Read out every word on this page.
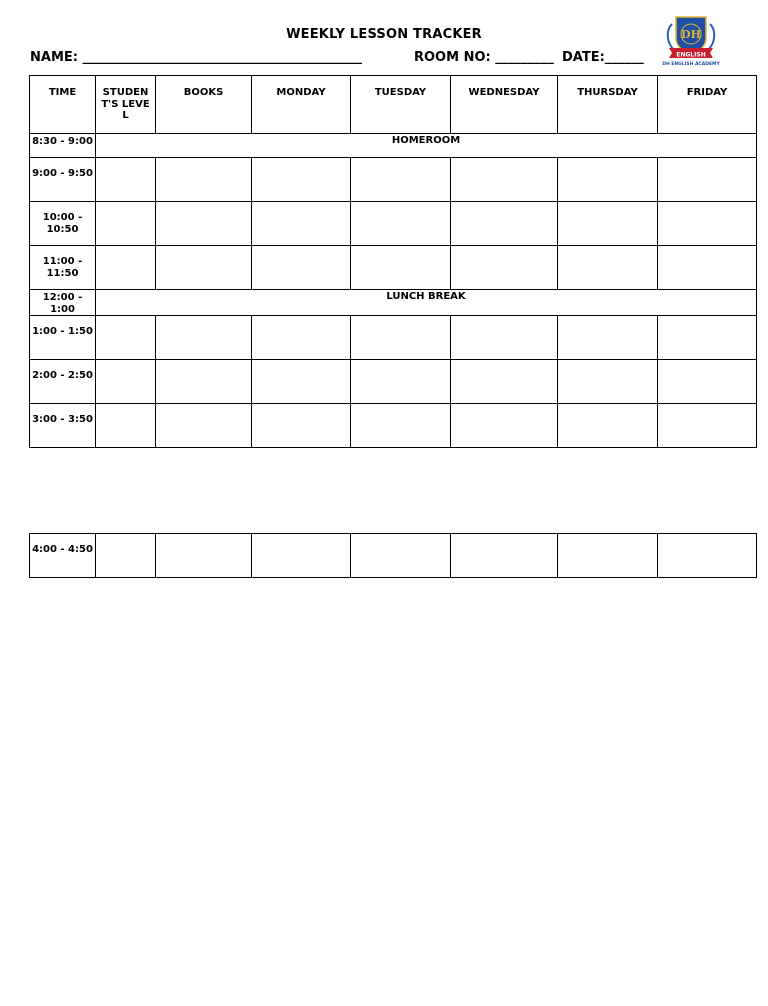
WEEKLY LESSON TRACKER
NAME: ___________________________________________	ROOM NO: _________ DATE:______
DH
ENGLISH
DH ENGLISH ACADEMY
TIME	STUDEN T'S LEVEL	BOOKS	MONDAY	TUESDAY	WEDNESDAY	THURSDAY	FRIDAY
8:30 - 9:00	HOMEROOM						
9:00 - 9:50							
10:00 - 10:50							
11:00 - 11:50							
12:00 - 1:00	LUNCH BREAK						
1:00 - 1:50							
2:00 - 2:50							
3:00 - 3:50							
4:00 - 4:50							
